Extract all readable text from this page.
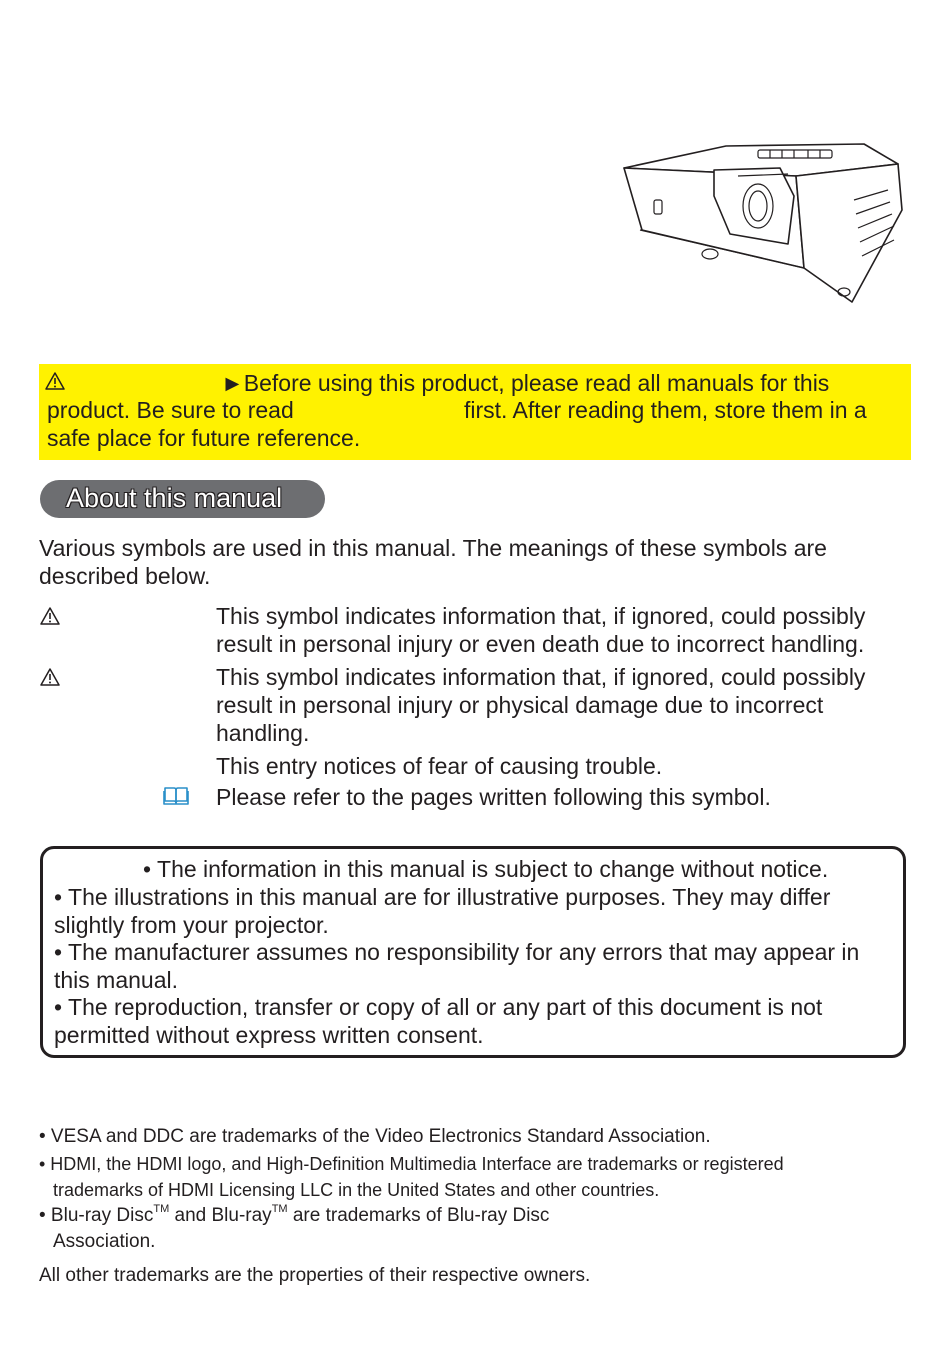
►Before using this product, please read all manuals for this
product. Be sure to read	first. After reading them, store them in a
safe place for future reference.
About this manual
Various symbols are used in this manual. The meanings of these symbols are
described below.
This symbol indicates information that, if ignored, could possibly
result in personal injury or even death due to incorrect handling.
This symbol indicates information that, if ignored, could possibly
result in personal injury or physical damage due to incorrect
handling.
This entry notices of fear of causing trouble.
Please refer to the pages written following this symbol.
• The information in this manual is subject to change without notice.
• The illustrations in this manual are for illustrative purposes. They may differ
slightly from your projector.
• The manufacturer assumes no responsibility for any errors that may appear in
this manual.
• The reproduction, transfer or copy of all or any part of this document is not
permitted without express written consent.
• VESA and DDC are trademarks of the Video Electronics Standard Association.
• HDMI, the HDMI logo, and High-Definition Multimedia Interface are trademarks or registered
trademarks of HDMI Licensing LLC in the United States and other countries.
• Blu-ray Disc™ and Blu-ray™ are trademarks of Blu-ray Disc
Association.
All other trademarks are the properties of their respective owners.
